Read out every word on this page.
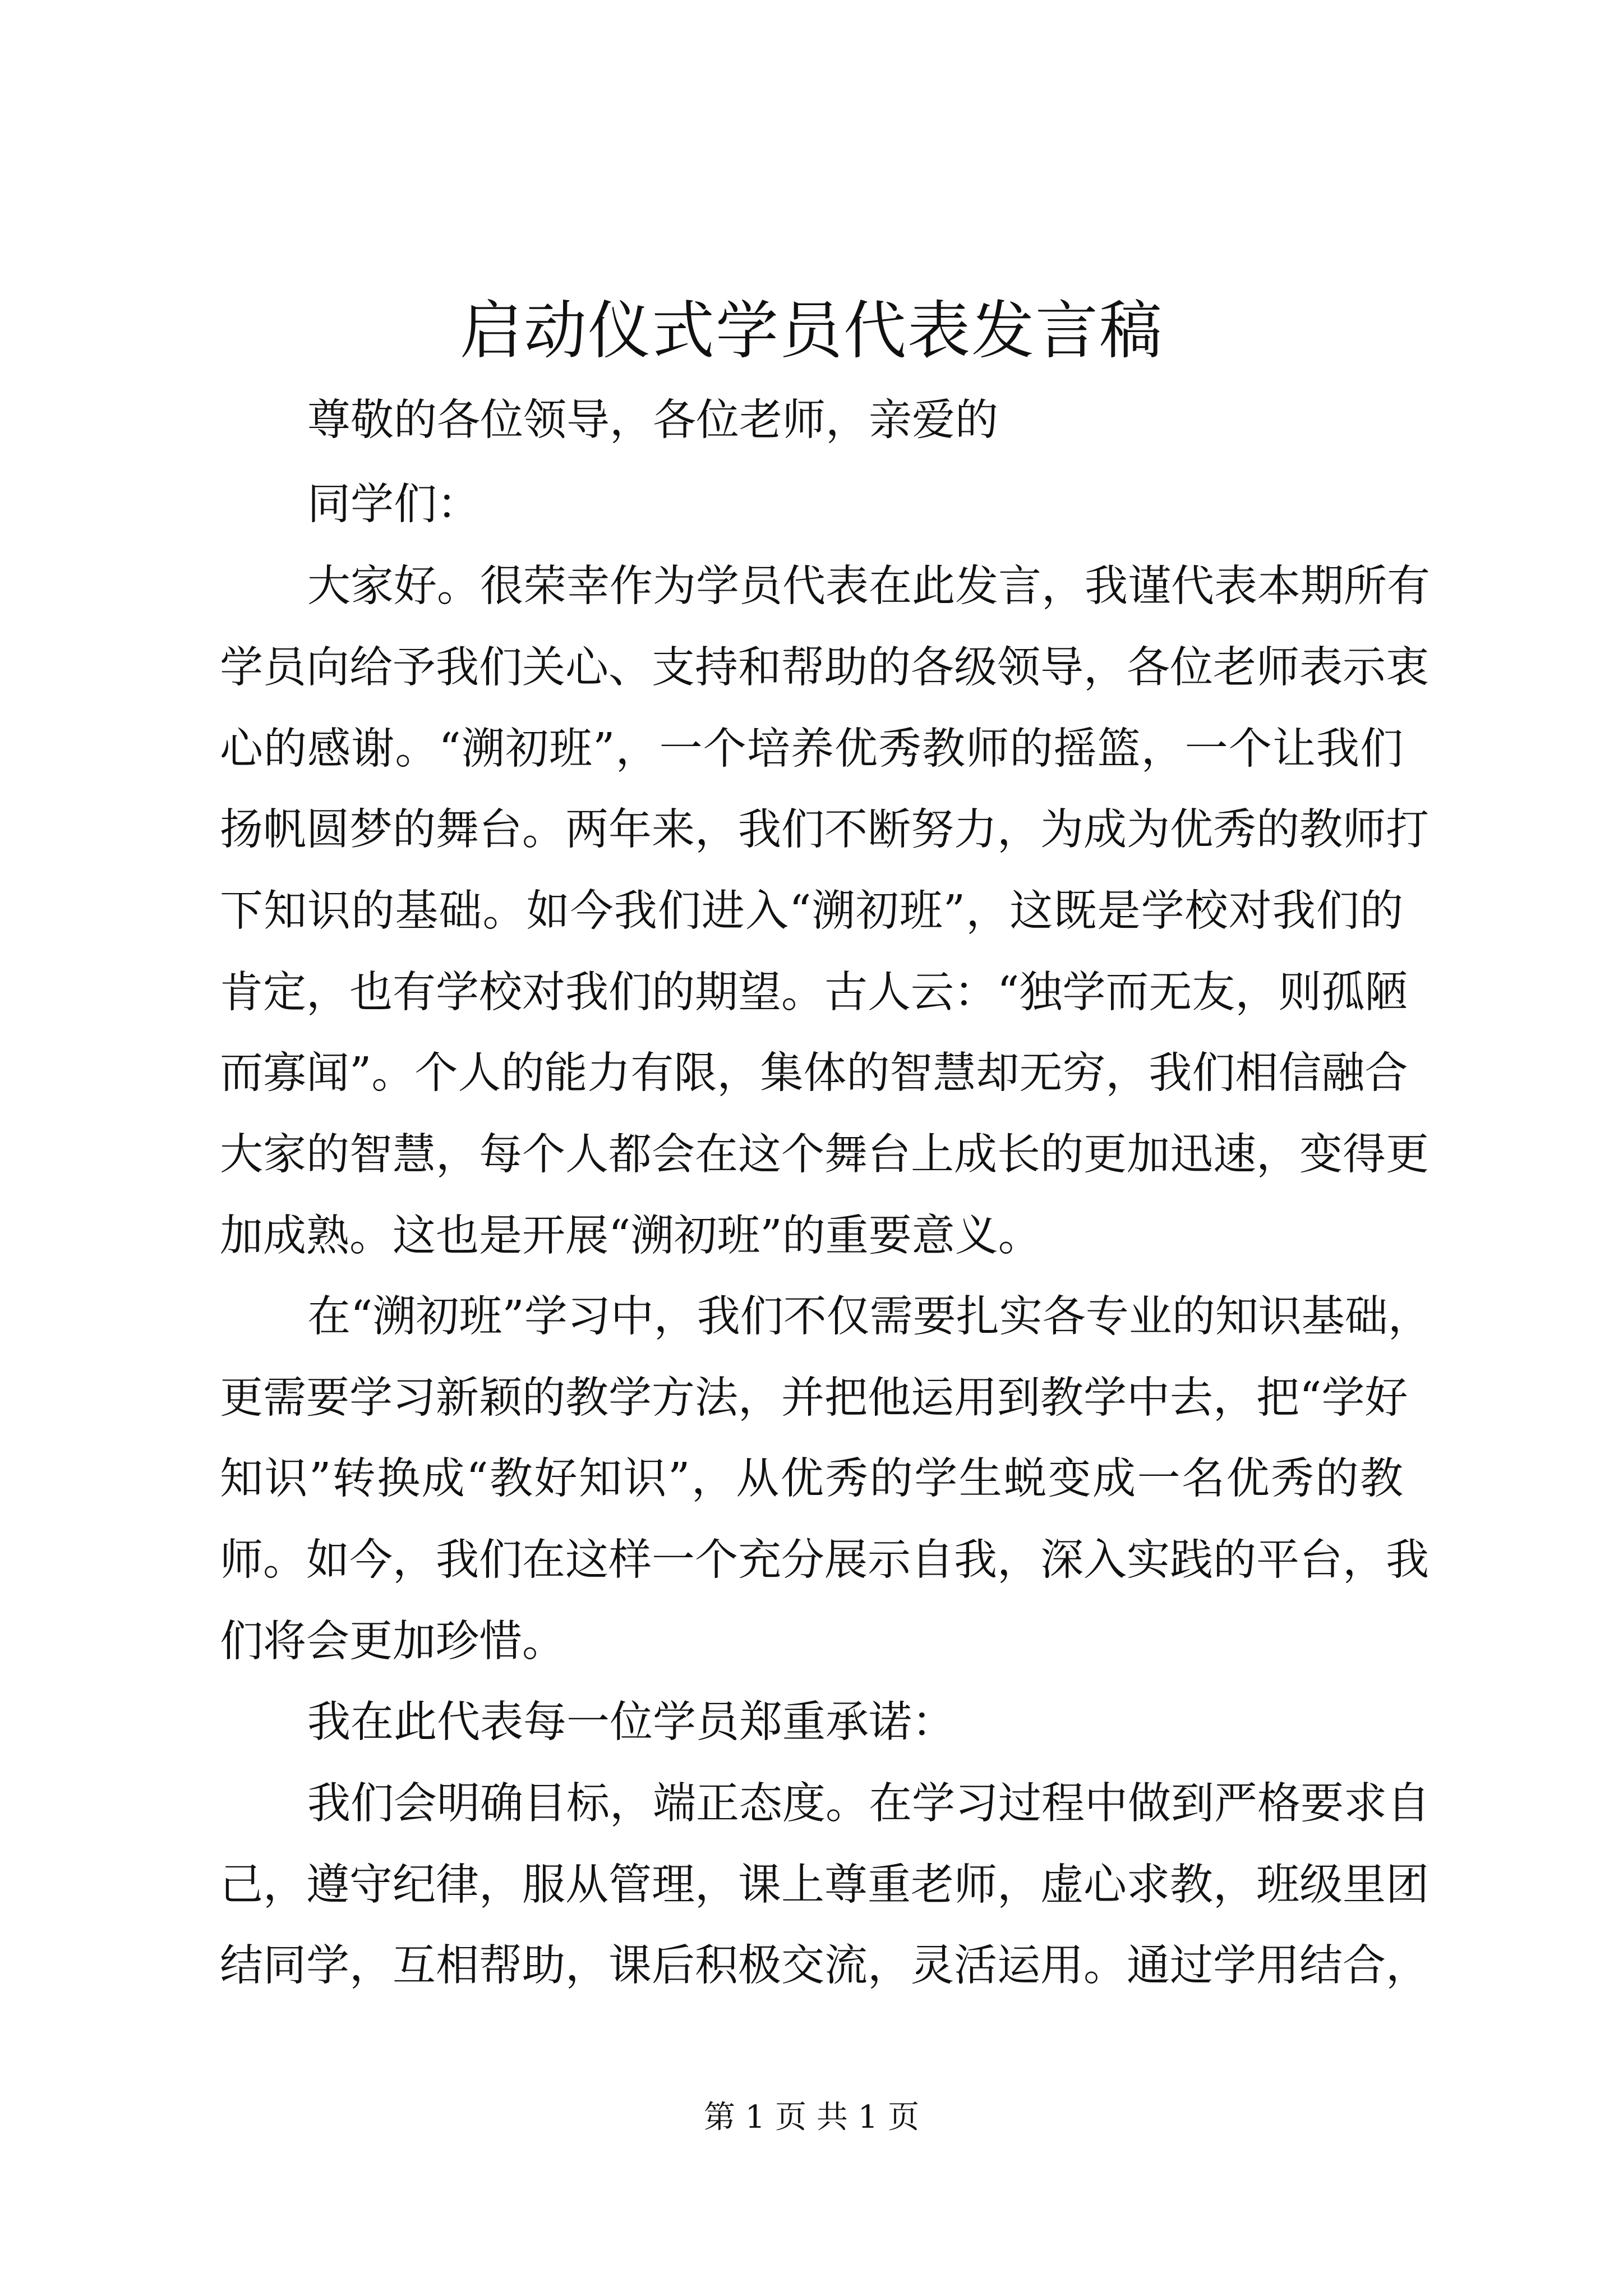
启动仪式学员代表发言稿

尊敬的各位领导，各位老师，亲爱的

同学们：

大家好。很荣幸作为学员代表在此发言，我谨代表本期所有

学员向给予我们关心、支持和帮助的各级领导，各位老师表示衷

心的感谢。“溯初班”，一个培养优秀教师的摇篮，一个让我们

扬帆圆梦的舞台。两年来，我们不断努力，为成为优秀的教师打

下知识的基础。如今我们进入“溯初班”，这既是学校对我们的

肯定，也有学校对我们的期望。古人云：“独学而无友，则孤陋

而寡闻”。个人的能力有限，集体的智慧却无穷，我们相信融合

大家的智慧，每个人都会在这个舞台上成长的更加迅速，变得更

加成熟。这也是开展“溯初班”的重要意义。

在“溯初班”学习中，我们不仅需要扎实各专业的知识基础，

更需要学习新颖的教学方法，并把他运用到教学中去，把“学好

知识”转换成“教好知识”，从优秀的学生蜕变成一名优秀的教

师。如今，我们在这样一个充分展示自我，深入实践的平台，我

们将会更加珍惜。

我在此代表每一位学员郑重承诺：

我们会明确目标，端正态度。在学习过程中做到严格要求自

己，遵守纪律，服从管理，课上尊重老师，虚心求教，班级里团

结同学，互相帮助，课后积极交流，灵活运用。通过学用结合，

第 1 页 共 1 页
